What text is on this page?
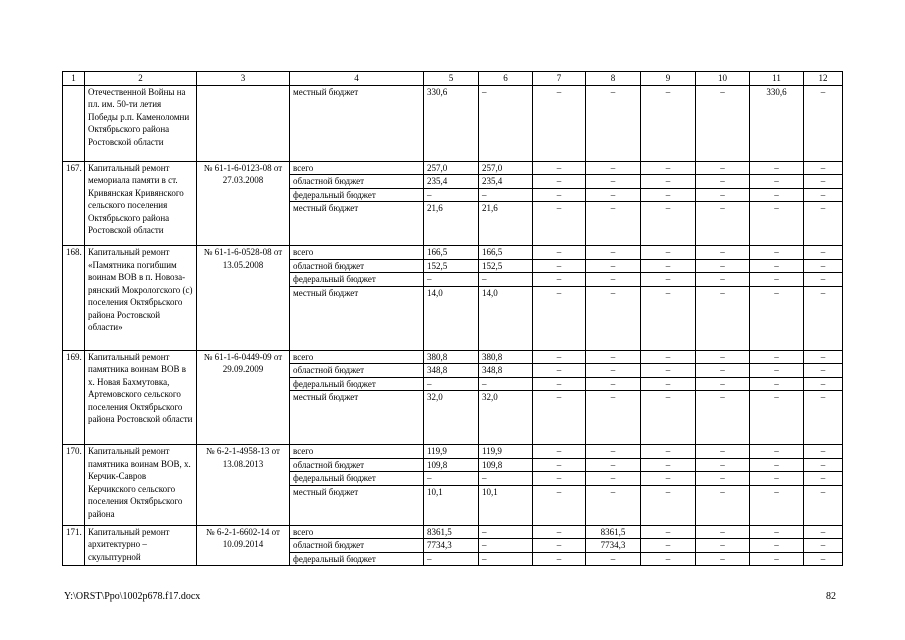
1	2	3	4	5	6	7	8	9	10	11	12
	Отечественной Войны на пл. им. 50-ти летия Победы р.п. Каменоломни Октябрьского района Ростовской области		местный бюджет	330,6	–	–	–	–	–	330,6	–
167.	Капитальный ремонт мемориала памяти в ст. Кривянская Кривянского сельского поселения Октябрьского района Ростовской области	№ 61-1-6-0123-08 от 27.03.2008	всего	257,0	257,0	–	–	–	–	–	–
			областной бюджет	235,4	235,4	–	–	–	–	–	–
			федеральный бюджет	–	–	–	–	–	–	–	–
			местный бюджет	21,6	21,6	–	–	–	–	–	–
168.	Капитальный ремонт «Памятника погибшим воинам ВОВ в п. Новоза-рянский Мокрологского (с) поселения Октябрьского района Ростовской области»	№ 61-1-6-0528-08 от 13.05.2008	всего	166,5	166,5	–	–	–	–	–	–
			областной бюджет	152,5	152,5	–	–	–	–	–	–
			федеральный бюджет	–	–	–	–	–	–	–	–
			местный бюджет	14,0	14,0	–	–	–	–	–	–
169.	Капитальный ремонт памятника воинам ВОВ в х. Новая Бахмутовка, Артемовского сельского поселения Октябрьского района Ростовской области	№ 61-1-6-0449-09 от 29.09.2009	всего	380,8	380,8	–	–	–	–	–	–
			областной бюджет	348,8	348,8	–	–	–	–	–	–
			федеральный бюджет	–	–	–	–	–	–	–	–
			местный бюджет	32,0	32,0	–	–	–	–	–	–
170.	Капитальный ремонт памятника воинам ВОВ, х. Керчик-Савров Керчикского сельского поселения Октябрьского района	№ 6-2-1-4958-13 от 13.08.2013	всего	119,9	119,9	–	–	–	–	–	–
			областной бюджет	109,8	109,8	–	–	–	–	–	–
			федеральный бюджет	–	–	–	–	–	–	–	–
			местный бюджет	10,1	10,1	–	–	–	–	–	–
171.	Капитальный ремонт архитектурно – скульптурной	№ 6-2-1-6602-14 от 10.09.2014	всего	8361,5	–	–	8361,5	–	–	–	–
			областной бюджет	7734,3	–	–	7734,3	–	–	–	–
			федеральный бюджет	–	–	–	–	–	–	–	–
Y:\ORST\Ppo\1002p678.f17.docx	82
